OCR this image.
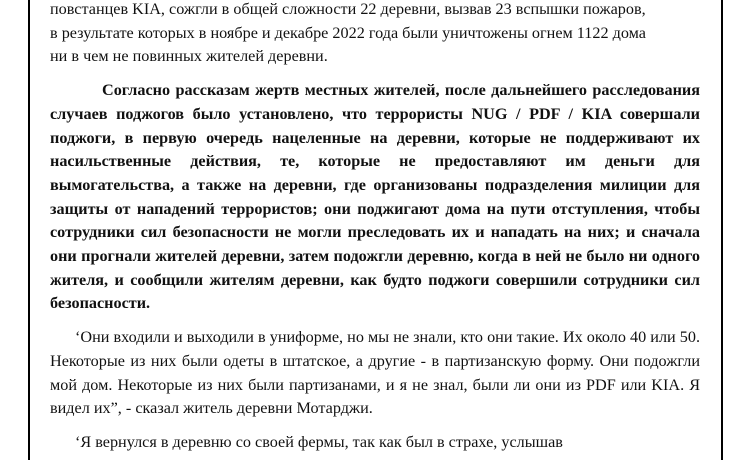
повстанцев KIA, сожгли в общей сложности 22 деревни, вызвав 23 вспышки пожаров,
в результате которых в ноябре и декабре 2022 года были уничтожены огнем 1122 дома
ни в чем не повинных жителей деревни.

Согласно рассказам жертв местных жителей, после дальнейшего расследования случаев поджогов было установлено, что террористы NUG / PDF / KIA совершали поджоги, в первую очередь нацеленные на деревни, которые не поддерживают их насильственные действия, те, которые не предоставляют им деньги для вымогательства, а также на деревни, где организованы подразделения милиции для защиты от нападений террористов; они поджигают дома на пути отступления, чтобы сотрудники сил безопасности не могли преследовать их и нападать на них; и сначала они прогнали жителей деревни, затем подожгли деревню, когда в ней не было ни одного жителя, и сообщили жителям деревни, как будто поджоги совершили сотрудники сил безопасности.

‘Они входили и выходили в униформе, но мы не знали, кто они такие. Их около 40 или 50. Некоторые из них были одеты в штатское, а другие - в партизанскую форму. Они подожгли мой дом. Некоторые из них были партизанами, и я не знал, были ли они из PDF или KIA. Я видел их”, - сказал житель деревни Мотарджи.

‘Я вернулся в деревню со своей фермы, так как был в страхе, услышав
